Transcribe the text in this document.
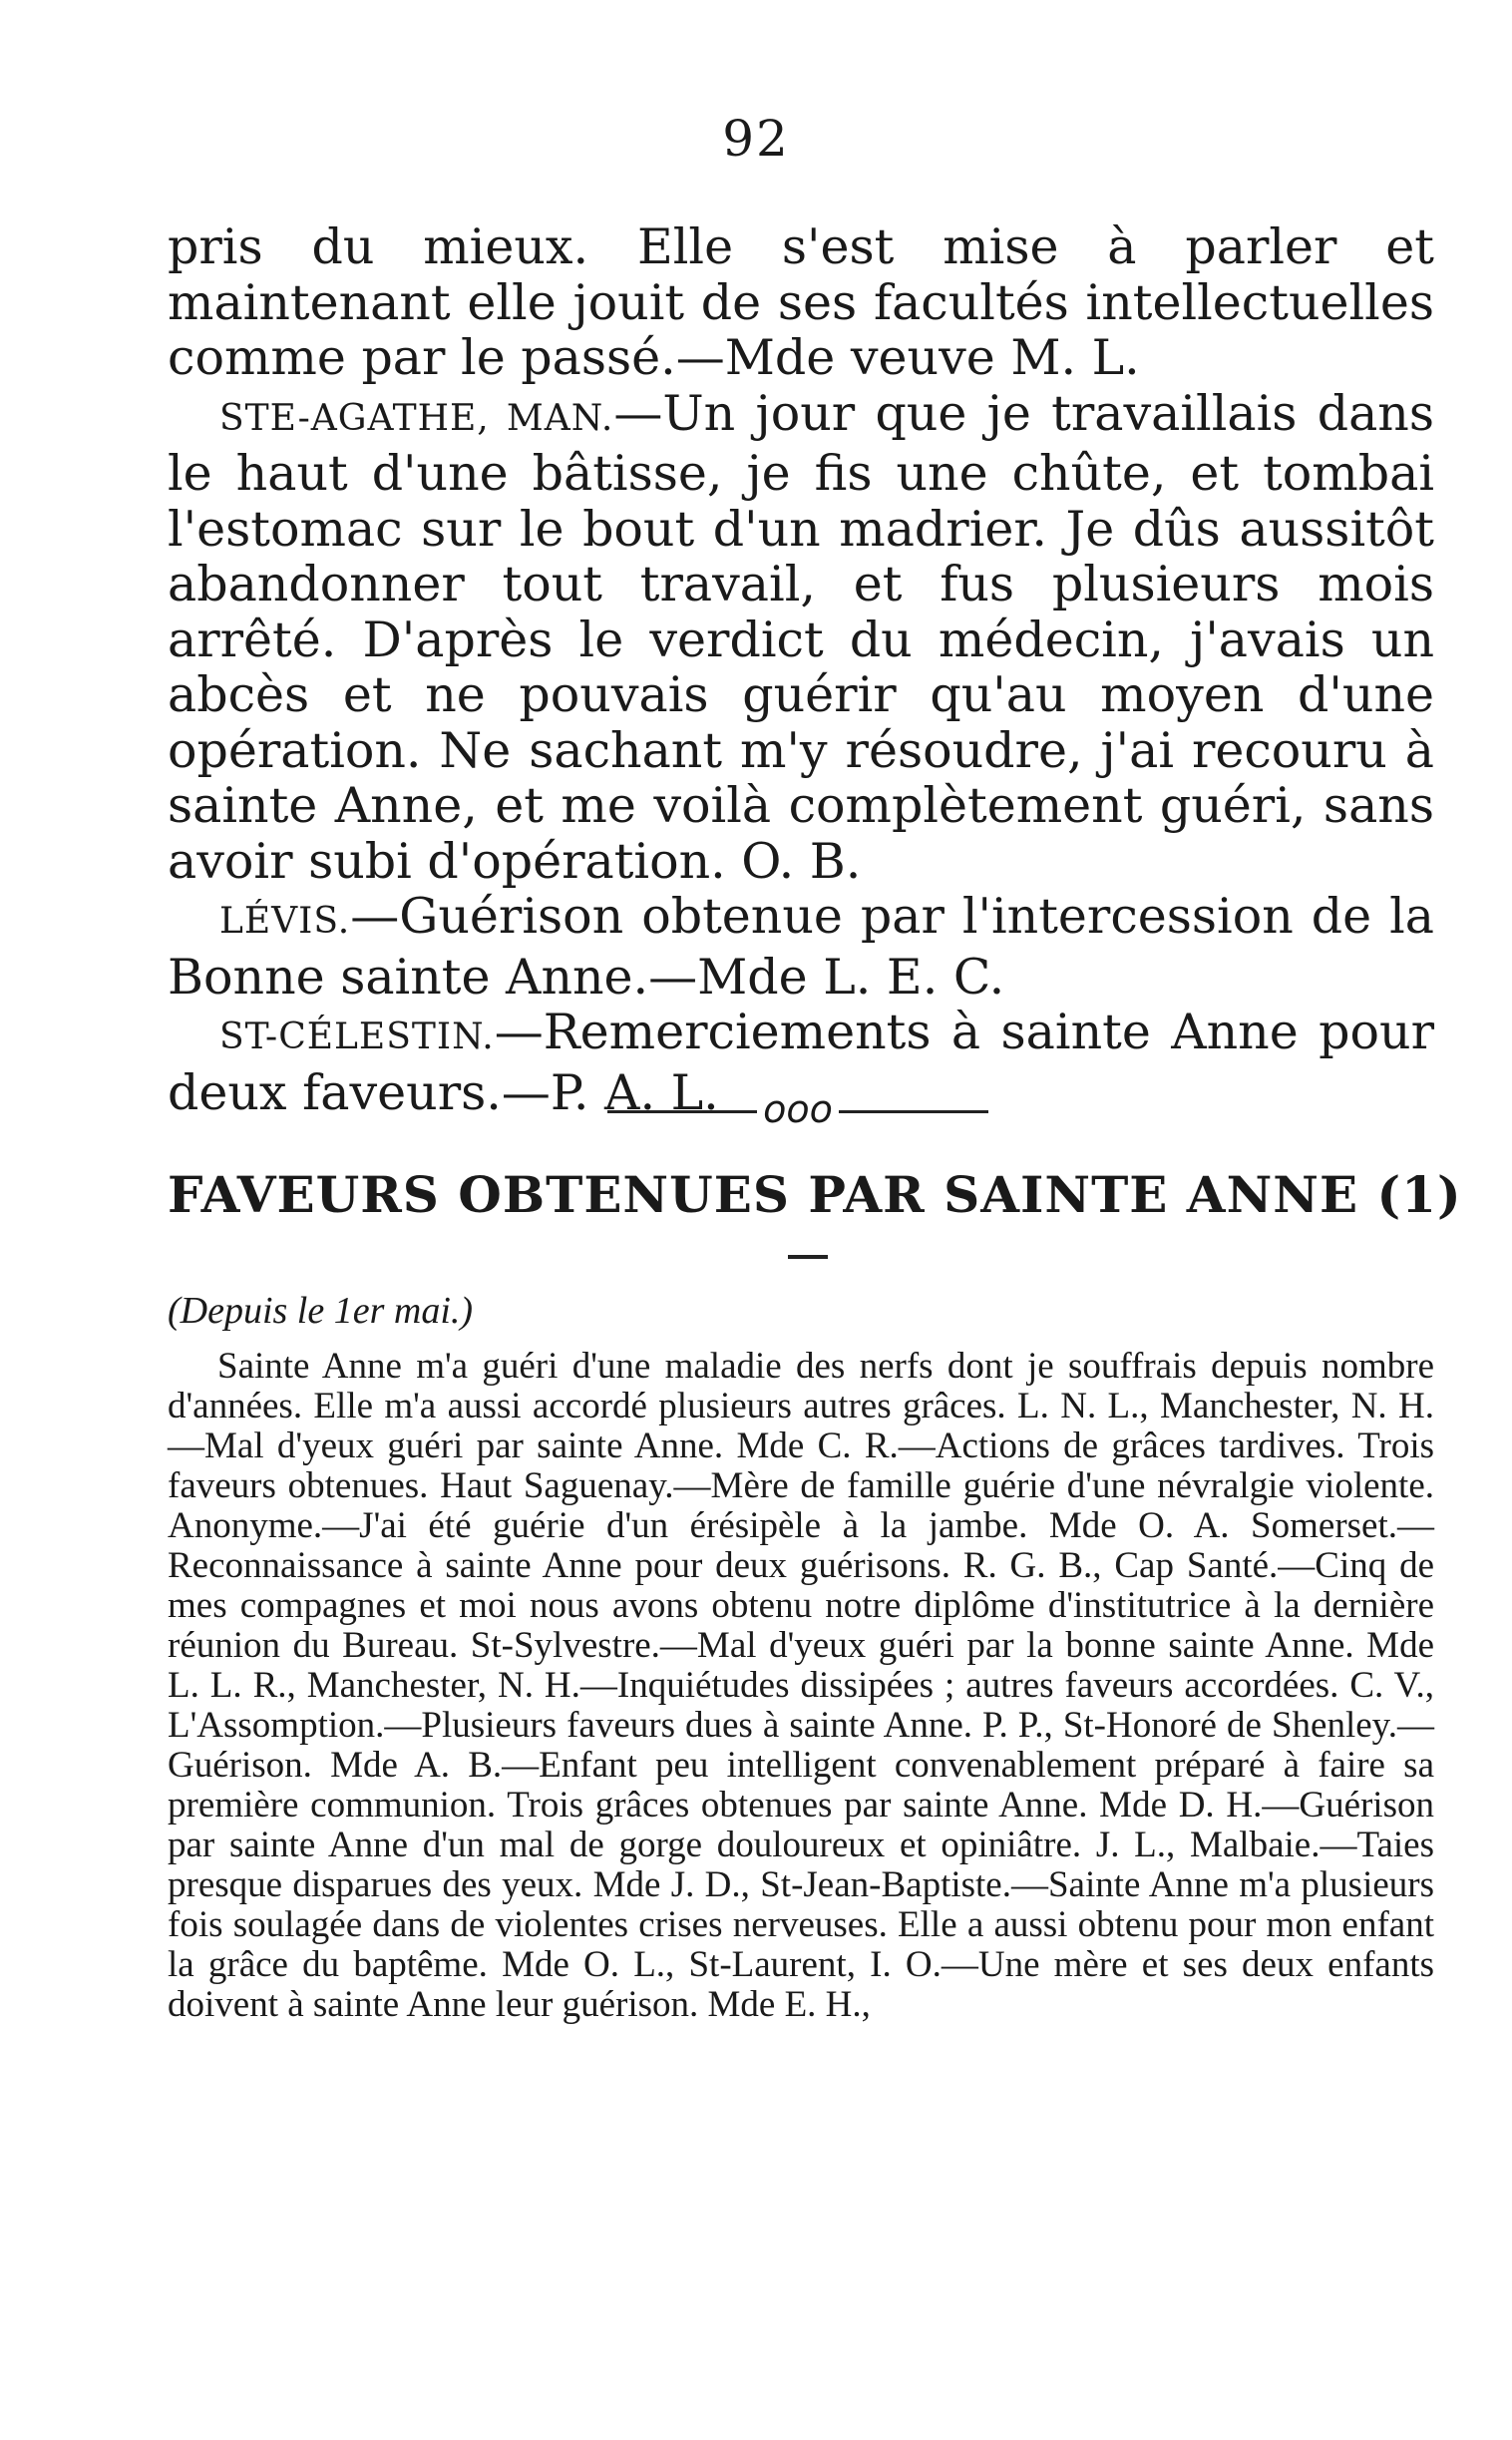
92

pris du mieux. Elle s'est mise à parler et maintenant elle jouit de ses facultés intellectuelles comme par le passé.—Mde veuve M. L.

STE-AGATHE, MAN.—Un jour que je travaillais dans le haut d'une bâtisse, je fis une chûte, et tombai l'estomac sur le bout d'un madrier. Je dûs aussitôt abandonner tout travail, et fus plusieurs mois arrêté. D'après le verdict du médecin, j'avais un abcès et ne pouvais guérir qu'au moyen d'une opération. Ne sachant m'y résoudre, j'ai recouru à sainte Anne, et me voilà complètement guéri, sans avoir subi d'opération. O. B.

LÉVIS.—Guérison obtenue par l'intercession de la Bonne sainte Anne.—Mde L. E. C.

ST-CÉLESTIN.—Remerciements à sainte Anne pour deux faveurs.—P. A. L.	ooo
FAVEURS OBTENUES PAR SAINTE ANNE (1)
(Depuis le 1er mai.)

Sainte Anne m'a guéri d'une maladie des nerfs dont je souffrais depuis nombre d'années. Elle m'a aussi accordé plusieurs autres grâces. L. N. L., Manchester, N. H.—Mal d'yeux guéri par sainte Anne. Mde C. R.—Actions de grâces tardives. Trois faveurs obtenues. Haut Saguenay.—Mère de famille guérie d'une névralgie violente. Anonyme.—J'ai été guérie d'un érésipèle à la jambe. Mde O. A. Somerset.—Reconnaissance à sainte Anne pour deux guérisons. R. G. B., Cap Santé.—Cinq de mes compagnes et moi nous avons obtenu notre diplôme d'institutrice à la dernière réunion du Bureau. St-Sylvestre.—Mal d'yeux guéri par la bonne sainte Anne. Mde L. L. R., Manchester, N. H.—Inquiétudes dissipées ; autres faveurs accordées. C. V., L'Assomption.—Plusieurs faveurs dues à sainte Anne. P. P., St-Honoré de Shenley.—Guérison. Mde A. B.—Enfant peu intelligent convenablement préparé à faire sa première communion. Trois grâces obtenues par sainte Anne. Mde D. H.—Guérison par sainte Anne d'un mal de gorge douloureux et opiniâtre. J. L., Malbaie.—Taies presque disparues des yeux. Mde J. D., St-Jean-Baptiste.—Sainte Anne m'a plusieurs fois soulagée dans de violentes crises nerveuses. Elle a aussi obtenu pour mon enfant la grâce du baptême. Mde O. L., St-Laurent, I. O.—Une mère et ses deux enfants doivent à sainte Anne leur guérison. Mde E. H.,
